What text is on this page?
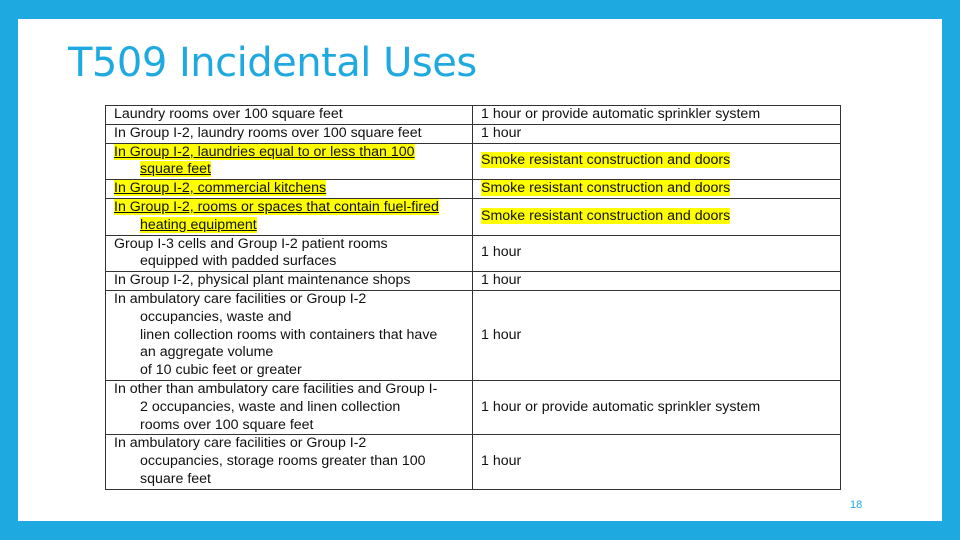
T509 Incidental Uses
Laundry rooms over 100 square feet	1 hour or provide automatic sprinkler system

In Group I-2, laundry rooms over 100 square feet	1 hour

In Group I-2, laundries equal to or less than 100
square feet	Smoke resistant construction and doors

In Group I-2, commercial kitchens	Smoke resistant construction and doors

In Group I-2, rooms or spaces that contain fuel-fired
heating equipment	Smoke resistant construction and doors

Group I-3 cells and Group I-2 patient rooms
equipped with padded surfaces	1 hour

In Group I-2, physical plant maintenance shops	1 hour

In ambulatory care facilities or Group I-2
occupancies, waste and
linen collection rooms with containers that have
an aggregate volume
of 10 cubic feet or greater	1 hour

In other than ambulatory care facilities and Group I-
2 occupancies, waste and linen collection
rooms over 100 square feet	1 hour or provide automatic sprinkler system

In ambulatory care facilities or Group I-2
occupancies, storage rooms greater than 100
square feet	1 hour
18
